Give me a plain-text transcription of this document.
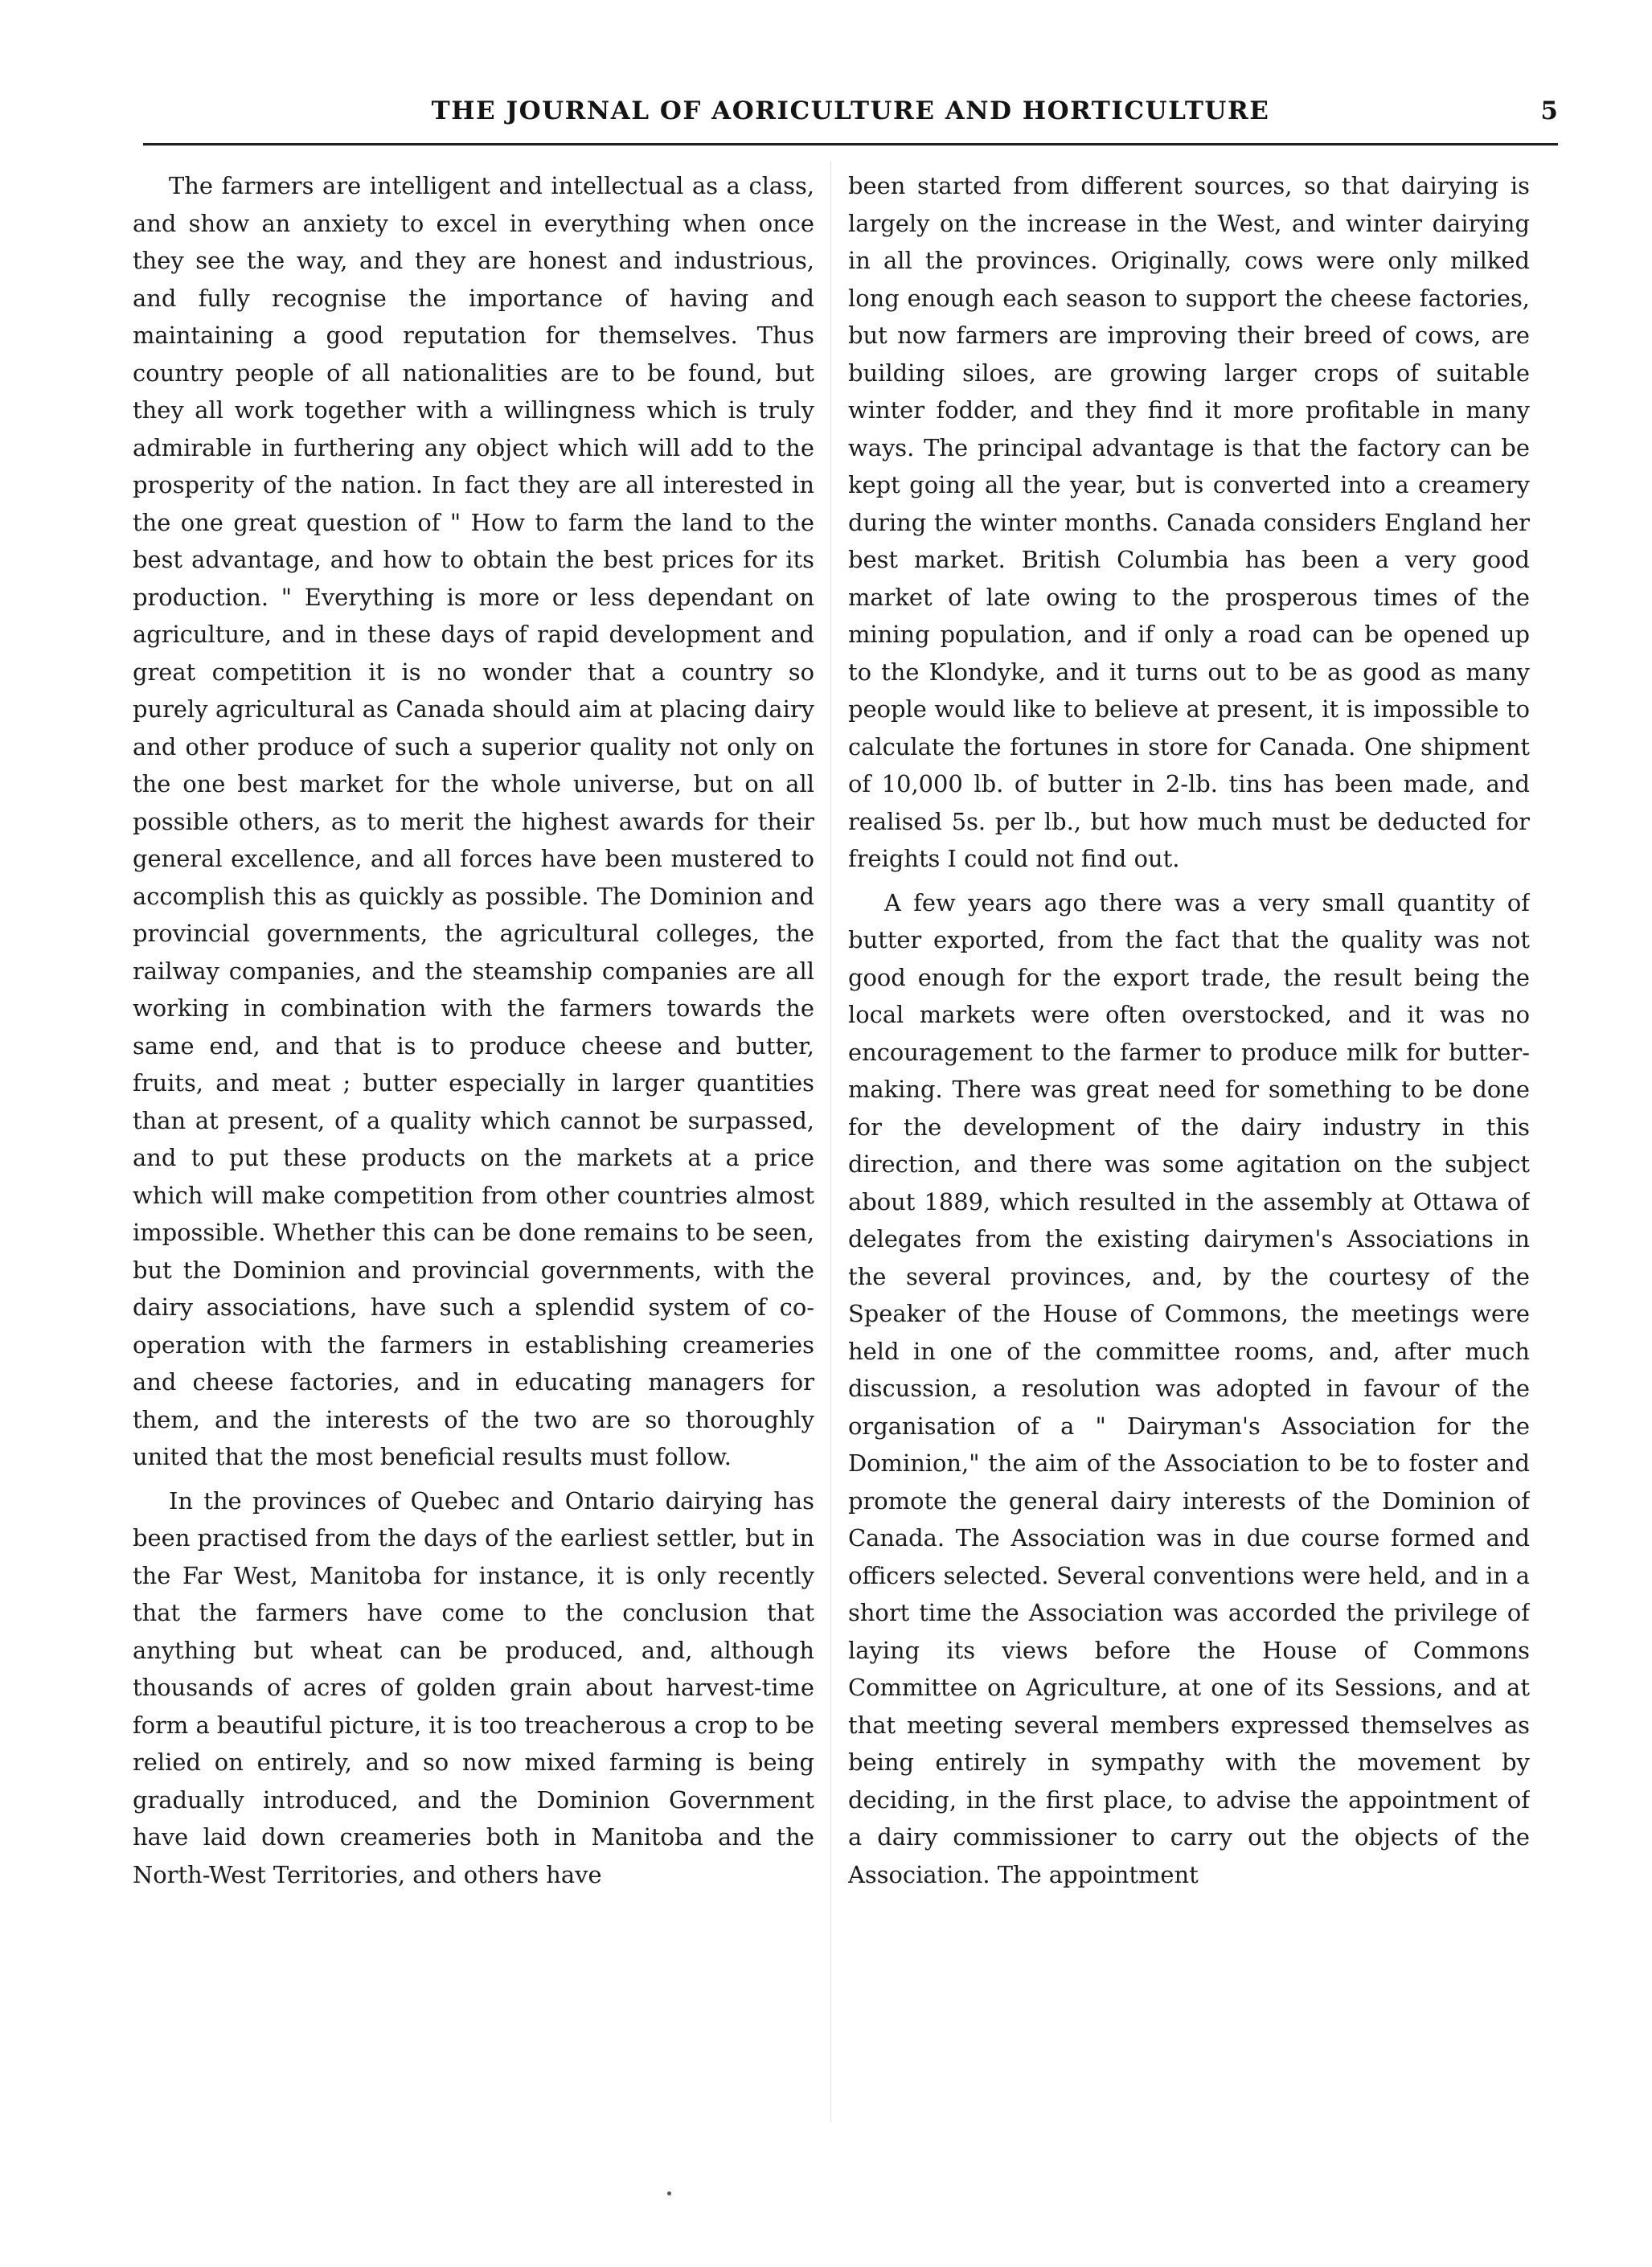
THE JOURNAL OF AORICULTURE AND HORTICULTURE	5

The farmers are intelligent and intellectual as a class, and show an anxiety to excel in everything when once they see the way, and they are honest and industrious, and fully recognise the importance of having and maintaining a good reputation for themselves. Thus country people of all nationalities are to be found, but they all work together with a willingness which is truly admirable in furthering any object which will add to the prosperity of the nation. In fact they are all interested in the one great question of " How to farm the land to the best advantage, and how to obtain the best prices for its production. " Everything is more or less dependant on agriculture, and in these days of rapid development and great competition it is no wonder that a country so purely agricultural as Canada should aim at placing dairy and other produce of such a superior quality not only on the one best market for the whole universe, but on all possible others, as to merit the highest awards for their general excellence, and all forces have been mustered to accomplish this as quickly as possible. The Dominion and provincial governments, the agricultural colleges, the railway companies, and the steamship companies are all working in combination with the farmers towards the same end, and that is to produce cheese and butter, fruits, and meat ; butter especially in larger quantities than at present, of a quality which cannot be surpassed, and to put these products on the markets at a price which will make competition from other countries almost impossible. Whether this can be done remains to be seen, but the Dominion and provincial governments, with the dairy associations, have such a splendid system of co-operation with the farmers in establishing creameries and cheese factories, and in educating managers for them, and the interests of the two are so thoroughly united that the most beneficial results must follow.

In the provinces of Quebec and Ontario dairying has been practised from the days of the earliest settler, but in the Far West, Manitoba for instance, it is only recently that the farmers have come to the conclusion that anything but wheat can be produced, and, although thousands of acres of golden grain about harvest-time form a beautiful picture, it is too treacherous a crop to be relied on entirely, and so now mixed farming is being gradually introduced, and the Dominion Government have laid down creameries both in Manitoba and the North-West Territories, and others have

been started from different sources, so that dairying is largely on the increase in the West, and winter dairying in all the provinces. Originally, cows were only milked long enough each season to support the cheese factories, but now farmers are improving their breed of cows, are building siloes, are growing larger crops of suitable winter fodder, and they find it more profitable in many ways. The principal advantage is that the factory can be kept going all the year, but is converted into a creamery during the winter months. Canada considers England her best market. British Columbia has been a very good market of late owing to the prosperous times of the mining population, and if only a road can be opened up to the Klondyke, and it turns out to be as good as many people would like to believe at present, it is impossible to calculate the fortunes in store for Canada. One shipment of 10,000 lb. of butter in 2-lb. tins has been made, and realised 5s. per lb., but how much must be deducted for freights I could not find out.

A few years ago there was a very small quantity of butter exported, from the fact that the quality was not good enough for the export trade, the result being the local markets were often overstocked, and it was no encouragement to the farmer to produce milk for butter-making. There was great need for something to be done for the development of the dairy industry in this direction, and there was some agitation on the subject about 1889, which resulted in the assembly at Ottawa of delegates from the existing dairymen's Associations in the several provinces, and, by the courtesy of the Speaker of the House of Commons, the meetings were held in one of the committee rooms, and, after much discussion, a resolution was adopted in favour of the organisation of a " Dairyman's Association for the Dominion," the aim of the Association to be to foster and promote the general dairy interests of the Dominion of Canada. The Association was in due course formed and officers selected. Several conventions were held, and in a short time the Association was accorded the privilege of laying its views before the House of Commons Committee on Agriculture, at one of its Sessions, and at that meeting several members expressed themselves as being entirely in sympathy with the movement by deciding, in the first place, to advise the appointment of a dairy commissioner to carry out the objects of the Association. The appointment
